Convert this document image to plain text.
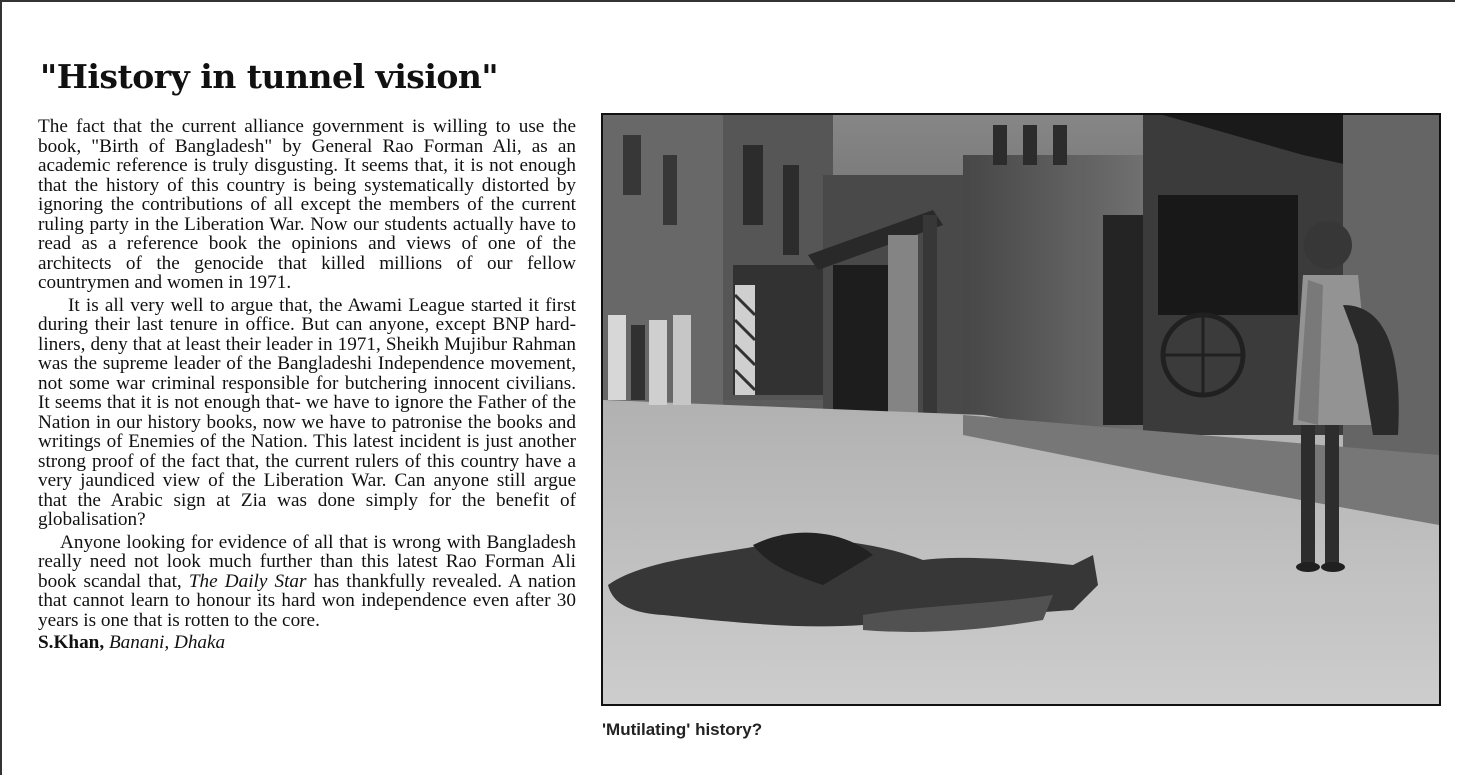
"History in tunnel vision"

The fact that the current alliance government is willing to use the book, "Birth of Bangladesh" by General Rao Forman Ali, as an academic reference is truly disgusting. It seems that, it is not enough that the history of this country is being systematically distorted by ignoring the contributions of all except the members of the current ruling party in the Liberation War. Now our students actually have to read as a reference book the opinions and views of one of the architects of the genocide that killed millions of our fellow countrymen and women in 1971.

It is all very well to argue that, the Awami League started it first during their last tenure in office. But can anyone, except BNP hard-liners, deny that at least their leader in 1971, Sheikh Mujibur Rahman was the supreme leader of the Bangladeshi Independence movement, not some war criminal responsible for butchering innocent civilians. It seems that it is not enough that- we have to ignore the Father of the Nation in our history books, now we have to patronise the books and writings of Enemies of the Nation. This latest incident is just another strong proof of the fact that, the current rulers of this country have a very jaundiced view of the Liberation War. Can anyone still argue that the Arabic sign at Zia was done simply for the benefit of globalisation?

Anyone looking for evidence of all that is wrong with Bangladesh really need not look much further than this latest Rao Forman Ali book scandal that, The Daily Star has thankfully revealed. A nation that cannot learn to honour its hard won independence even after 30 years is one that is rotten to the core.

S.Khan, Banani, Dhaka
'Mutilating' history?
